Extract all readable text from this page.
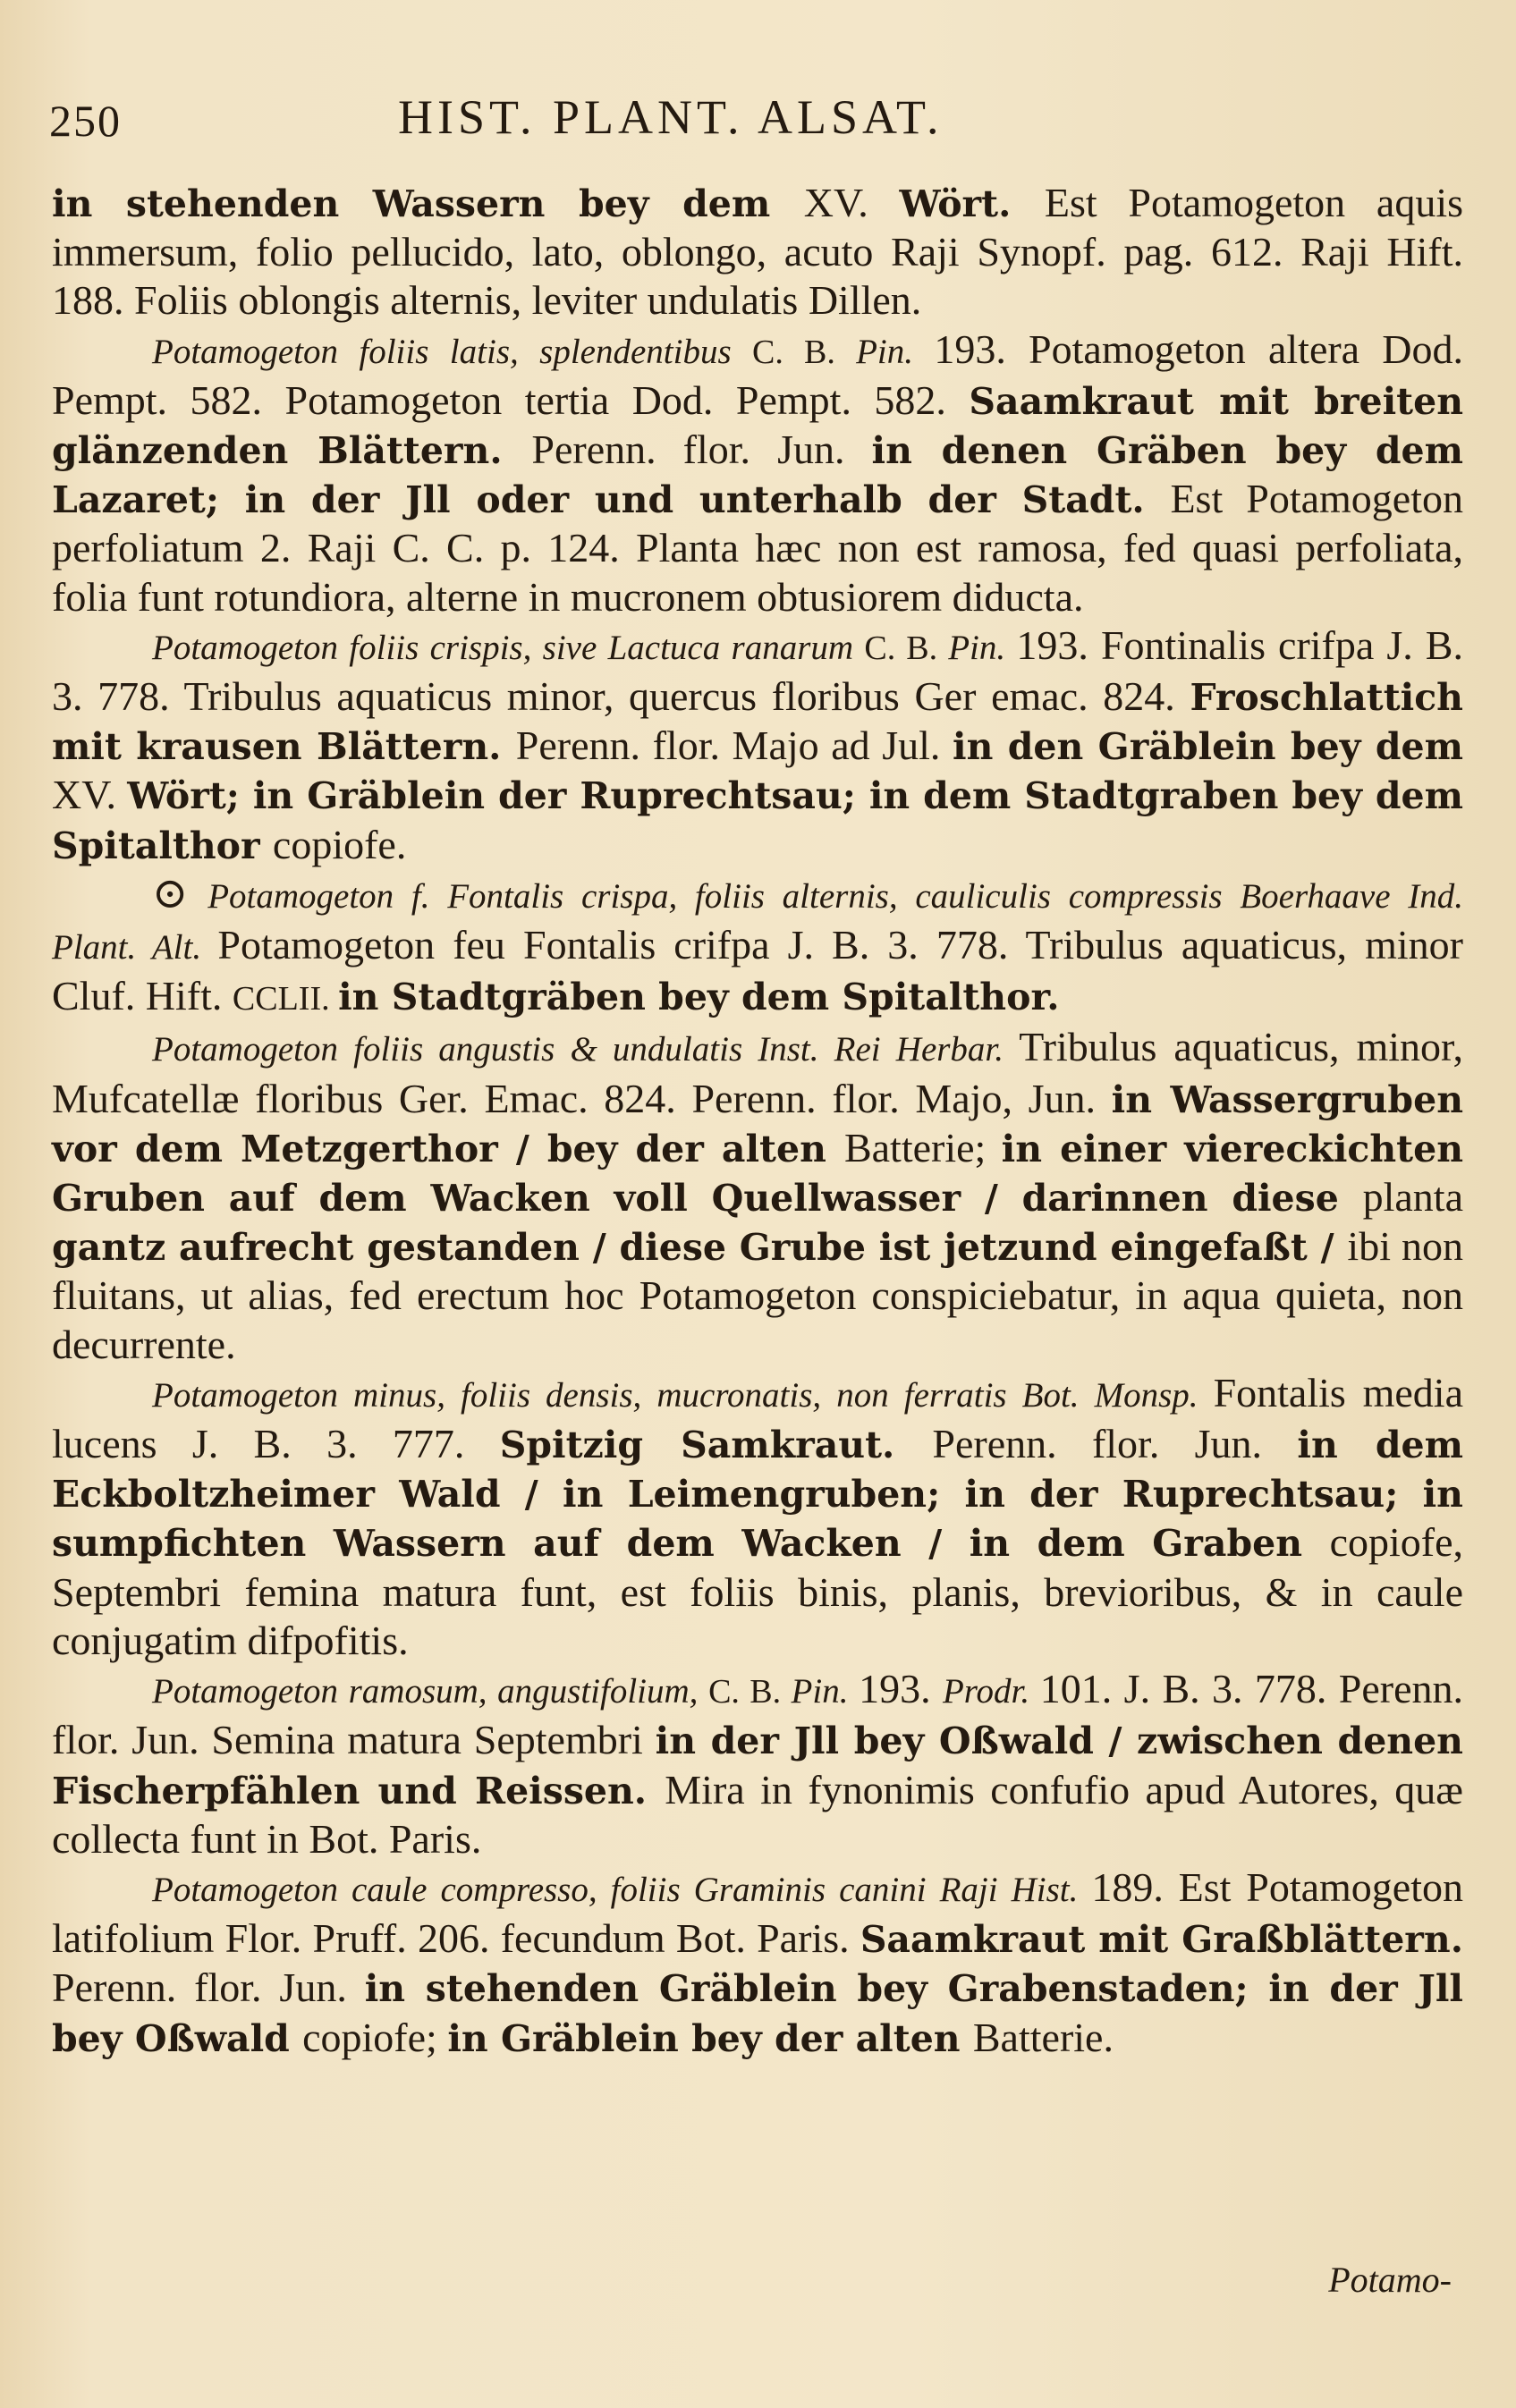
250	HIST. PLANT. ALSAT.

in stehenden Wassern bey dem XV. Wört. Est Potamogeton aquis immersum, folio pellucido, lato, oblongo, acuto Raji Synopf. pag. 612. Raji Hift. 188. Foliis oblongis alternis, leviter undulatis Dillen.

Potamogeton foliis latis, splendentibus C. B. Pin. 193. Potamogeton altera Dod. Pempt. 582. Potamogeton tertia Dod. Pempt. 582. Saamkraut mit breiten glänzenden Blättern. Perenn. flor. Jun. in denen Gräben bey dem Lazaret; in der Jll oder und unterhalb der Stadt. Est Potamogeton perfoliatum 2. Raji C. C. p. 124. Planta hæc non est ramosa, fed quasi perfoliata, folia funt rotundiora, alterne in mucronem obtusiorem diducta.

Potamogeton foliis crispis, sive Lactuca ranarum C. B. Pin. 193. Fontinalis crifpa J. B. 3. 778. Tribulus aquaticus minor, quercus floribus Ger emac. 824. Froschlattich mit krausen Blättern. Perenn. flor. Majo ad Jul. in den Gräblein bey dem XV. Wört; in Gräblein der Ruprechtsau; in dem Stadtgraben bey dem Spitalthor copiofe.

⊙ Potamogeton f. Fontalis crispa, foliis alternis, cauliculis compressis Boerhaave Ind. Plant. Alt. Potamogeton feu Fontalis crifpa J. B. 3. 778. Tribulus aquaticus, minor Cluf. Hift. CCLII. in Stadtgräben bey dem Spitalthor.

Potamogeton foliis angustis & undulatis Inst. Rei Herbar. Tribulus aquaticus, minor, Mufcatellæ floribus Ger. Emac. 824. Perenn. flor. Majo, Jun. in Wassergruben vor dem Metzgerthor / bey der alten Batterie; in einer viereckichten Gruben auf dem Wacken voll Quellwasser / darinnen diese planta gantz aufrecht gestanden / diese Grube ist jetzund eingefaßt / ibi non fluitans, ut alias, fed erectum hoc Potamogeton conspiciebatur, in aqua quieta, non decurrente.

Potamogeton minus, foliis densis, mucronatis, non ferratis Bot. Monsp. Fontalis media lucens J. B. 3. 777. Spitzig Samkraut. Perenn. flor. Jun. in dem Eckboltzheimer Wald / in Leimengruben; in der Ruprechtsau; in sumpfichten Wassern auf dem Wacken / in dem Graben copiofe, Septembri femina matura funt, est foliis binis, planis, brevioribus, & in caule conjugatim difpofitis.

Potamogeton ramosum, angustifolium, C. B. Pin. 193. Prodr. 101. J. B. 3. 778. Perenn. flor. Jun. Semina matura Septembri in der Jll bey Oßwald / zwischen denen Fischerpfählen und Reissen. Mira in fynonimis confufio apud Autores, quæ collecta funt in Bot. Paris.

Potamogeton caule compresso, foliis Graminis canini Raji Hist. 189. Est Potamogeton latifolium Flor. Pruff. 206. fecundum Bot. Paris. Saamkraut mit Graßblättern. Perenn. flor. Jun. in stehenden Gräblein bey Grabenstaden; in der Jll bey Oßwald copiofe; in Gräblein bey der alten Batterie.

Potamo-
